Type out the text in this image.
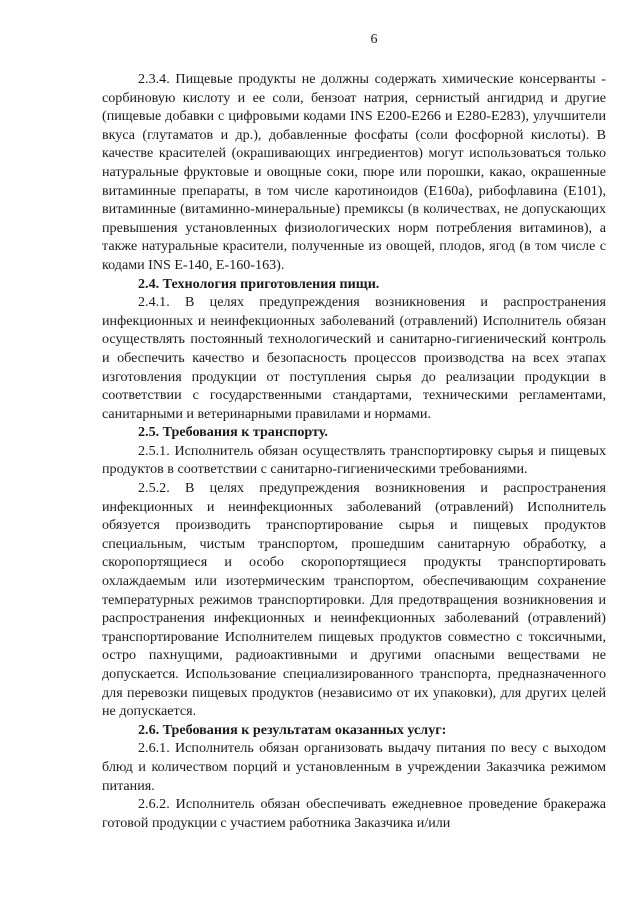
6

2.3.4. Пищевые продукты не должны содержать химические консерванты - сорбиновую кислоту и ее соли, бензоат натрия, сернистый ангидрид и другие (пищевые добавки с цифровыми кодами INS E200-E266 и E280-E283), улучшители вкуса (глутаматов и др.), добавленные фосфаты (соли фосфорной кислоты). В качестве красителей (окрашивающих ингредиентов) могут использоваться только натуральные фруктовые и овощные соки, пюре или порошки, какао, окрашенные витаминные препараты, в том числе каротиноидов (E160a), рибофлавина (E101), витаминные (витаминно-минеральные) премиксы (в количествах, не допускающих превышения установленных физиологических норм потребления витаминов), а также натуральные красители, полученные из овощей, плодов, ягод (в том числе с кодами INS E-140, E-160-163).

2.4. Технология приготовления пищи.

2.4.1. В целях предупреждения возникновения и распространения инфекционных и неинфекционных заболеваний (отравлений) Исполнитель обязан осуществлять постоянный технологический и санитарно-гигиенический контроль и обеспечить качество и безопасность процессов производства на всех этапах изготовления продукции от поступления сырья до реализации продукции в соответствии с государственными стандартами, техническими регламентами, санитарными и ветеринарными правилами и нормами.

2.5. Требования к транспорту.

2.5.1. Исполнитель обязан осуществлять транспортировку сырья и пищевых продуктов в соответствии с санитарно-гигиеническими требованиями.

2.5.2. В целях предупреждения возникновения и распространения инфекционных и неинфекционных заболеваний (отравлений) Исполнитель обязуется производить транспортирование сырья и пищевых продуктов специальным, чистым транспортом, прошедшим санитарную обработку, а скоропортящиеся и особо скоропортящиеся продукты транспортировать охлаждаемым или изотермическим транспортом, обеспечивающим сохранение температурных режимов транспортировки. Для предотвращения возникновения и распространения инфекционных и неинфекционных заболеваний (отравлений) транспортирование Исполнителем пищевых продуктов совместно с токсичными, остро пахнущими, радиоактивными и другими опасными веществами не допускается. Использование специализированного транспорта, предназначенного для перевозки пищевых продуктов (независимо от их упаковки), для других целей не допускается.

2.6. Требования к результатам оказанных услуг:

2.6.1. Исполнитель обязан организовать выдачу питания по весу с выходом блюд и количеством порций и установленным в учреждении Заказчика режимом питания.

2.6.2. Исполнитель обязан обеспечивать ежедневное проведение бракеража готовой продукции с участием работника Заказчика и/или
